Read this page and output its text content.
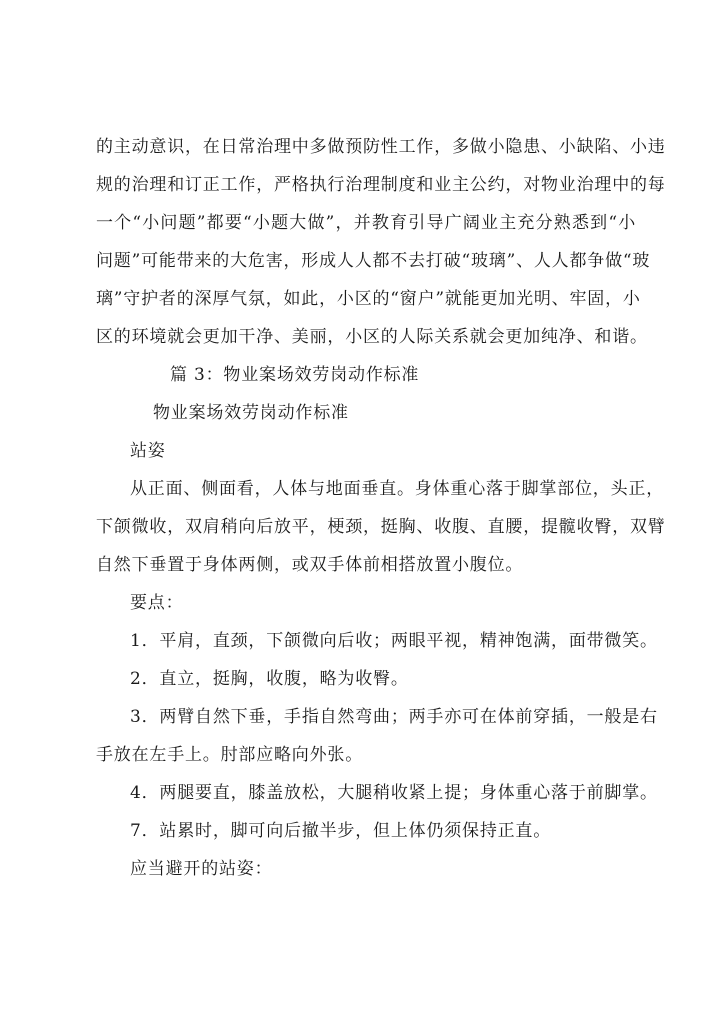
的主动意识，在日常治理中多做预防性工作，多做小隐患、小缺陷、小违
规的治理和订正工作，严格执行治理制度和业主公约，对物业治理中的每
一个“小问题”都要“小题大做”，并教育引导广阔业主充分熟悉到“小
问题”可能带来的大危害，形成人人都不去打破“玻璃”、人人都争做“玻
璃”守护者的深厚气氛，如此，小区的“窗户”就能更加光明、牢固，小
区的环境就会更加干净、美丽，小区的人际关系就会更加纯净、和谐。
篇 3：物业案场效劳岗动作标准
物业案场效劳岗动作标准
站姿
从正面、侧面看，人体与地面垂直。身体重心落于脚掌部位，头正，
下颌微收，双肩稍向后放平，梗颈，挺胸、收腹、直腰，提髋收臀，双臂
自然下垂置于身体两侧，或双手体前相搭放置小腹位。
要点：
1．平肩，直颈，下颌微向后收；两眼平视，精神饱满，面带微笑。
2．直立，挺胸，收腹，略为收臀。
3．两臂自然下垂，手指自然弯曲；两手亦可在体前穿插，一般是右
手放在左手上。肘部应略向外张。
4．两腿要直，膝盖放松，大腿稍收紧上提；身体重心落于前脚掌。
7．站累时，脚可向后撤半步，但上体仍须保持正直。
应当避开的站姿：
